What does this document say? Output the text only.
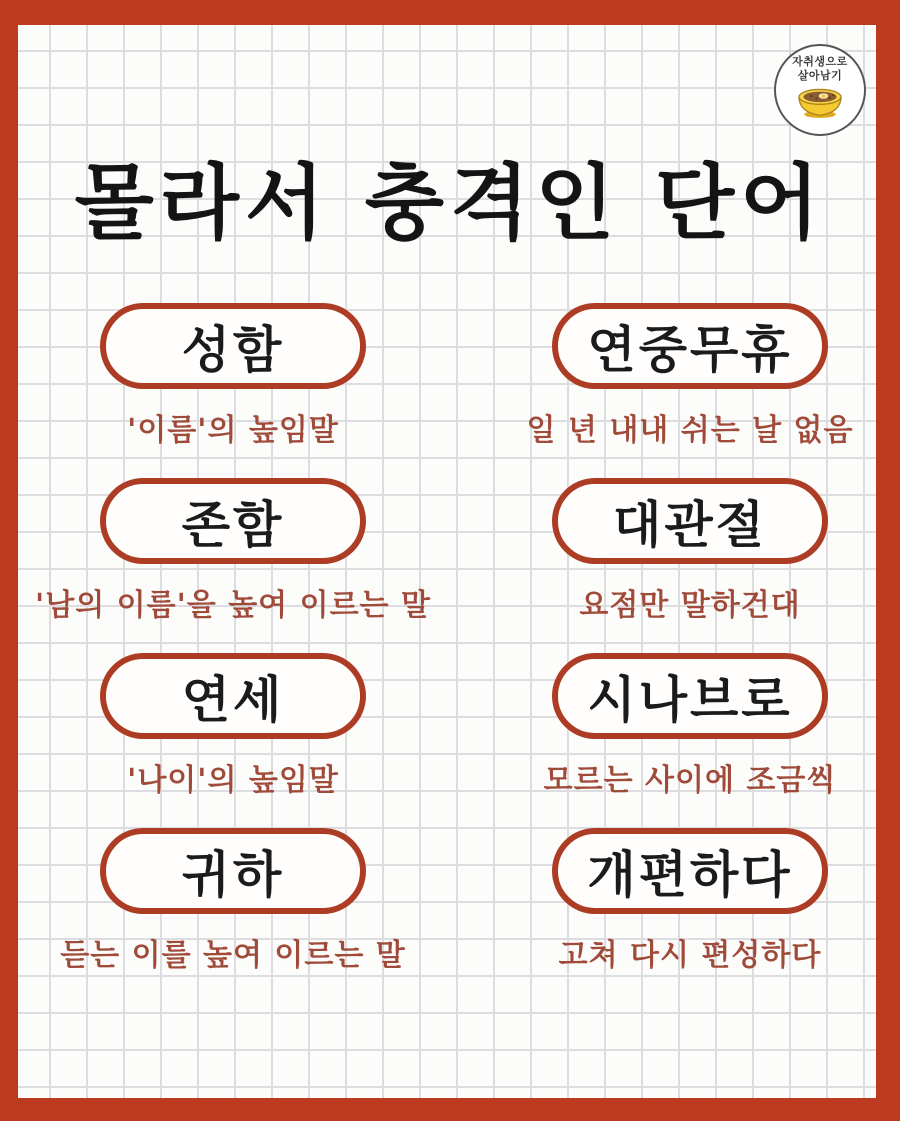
자취생으로
살아남기
몰라서 충격인 단어
성함
'이름'의 높임말
존함
'남의 이름'을 높여 이르는 말
연세
'나이'의 높임말
귀하
듣는 이를 높여 이르는 말
연중무휴
일 년 내내 쉬는 날 없음
대관절
요점만 말하건대
시나브로
모르는 사이에 조금씩
개편하다
고쳐 다시 편성하다
